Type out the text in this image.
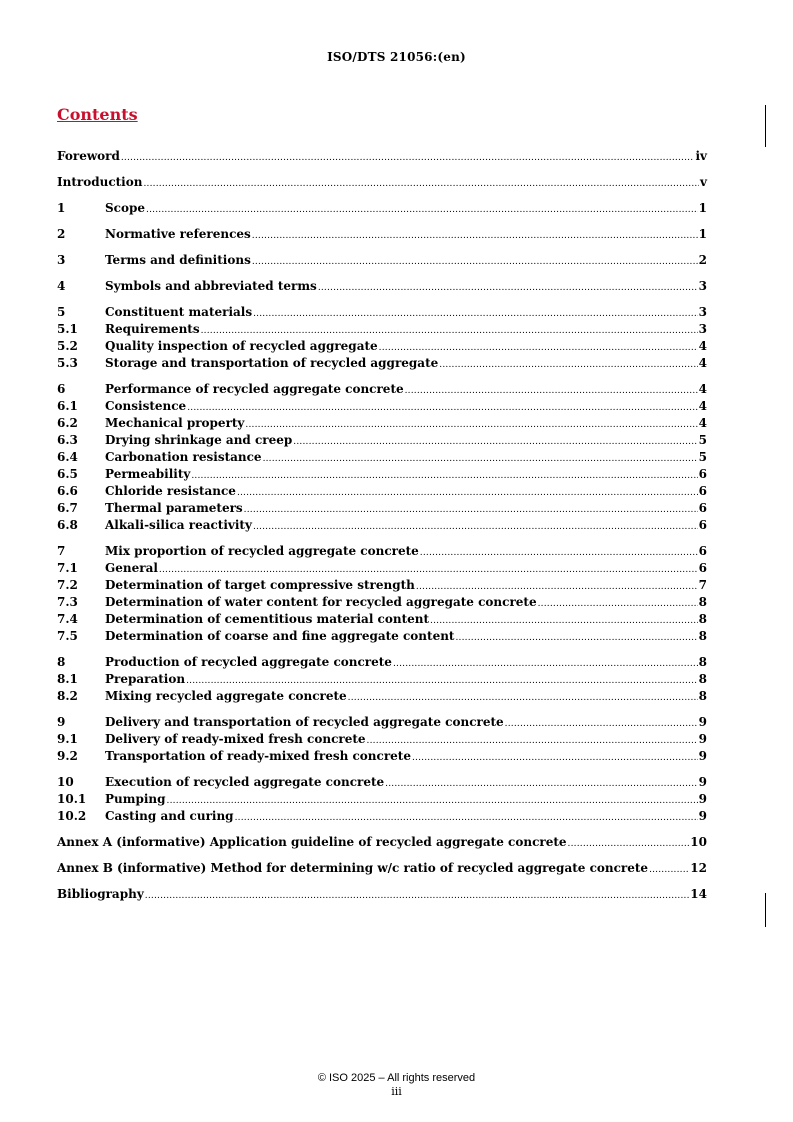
ISO/DTS 21056:(en)
Contents
Foreword .....	iv
Introduction .....	v
1	Scope .....	1
2	Normative references .....	1
3	Terms and definitions .....	2
4	Symbols and abbreviated terms .....	3
5	Constituent materials .....	3
5.1	Requirements .....	3
5.2	Quality inspection of recycled aggregate .....	4
5.3	Storage and transportation of recycled aggregate .....	4
6	Performance of recycled aggregate concrete .....	4
6.1	Consistence .....	4
6.2	Mechanical property .....	4
6.3	Drying shrinkage and creep .....	5
6.4	Carbonation resistance .....	5
6.5	Permeability .....	6
6.6	Chloride resistance .....	6
6.7	Thermal parameters .....	6
6.8	Alkali-silica reactivity .....	6
7	Mix proportion of recycled aggregate concrete .....	6
7.1	General .....	6
7.2	Determination of target compressive strength .....	7
7.3	Determination of water content for recycled aggregate concrete .....	8
7.4	Determination of cementitious material content .....	8
7.5	Determination of coarse and fine aggregate content .....	8
8	Production of recycled aggregate concrete .....	8
8.1	Preparation .....	8
8.2	Mixing recycled aggregate concrete .....	8
9	Delivery and transportation of recycled aggregate concrete .....	9
9.1	Delivery of ready-mixed fresh concrete .....	9
9.2	Transportation of ready-mixed fresh concrete .....	9
10	Execution of recycled aggregate concrete .....	9
10.1	Pumping .....	9
10.2	Casting and curing .....	9
Annex A (informative) Application guideline of recycled aggregate concrete .....	10
Annex B (informative) Method for determining w/c ratio of recycled aggregate concrete .....	12
Bibliography .....	14
© ISO 2025 – All rights reserved
iii
